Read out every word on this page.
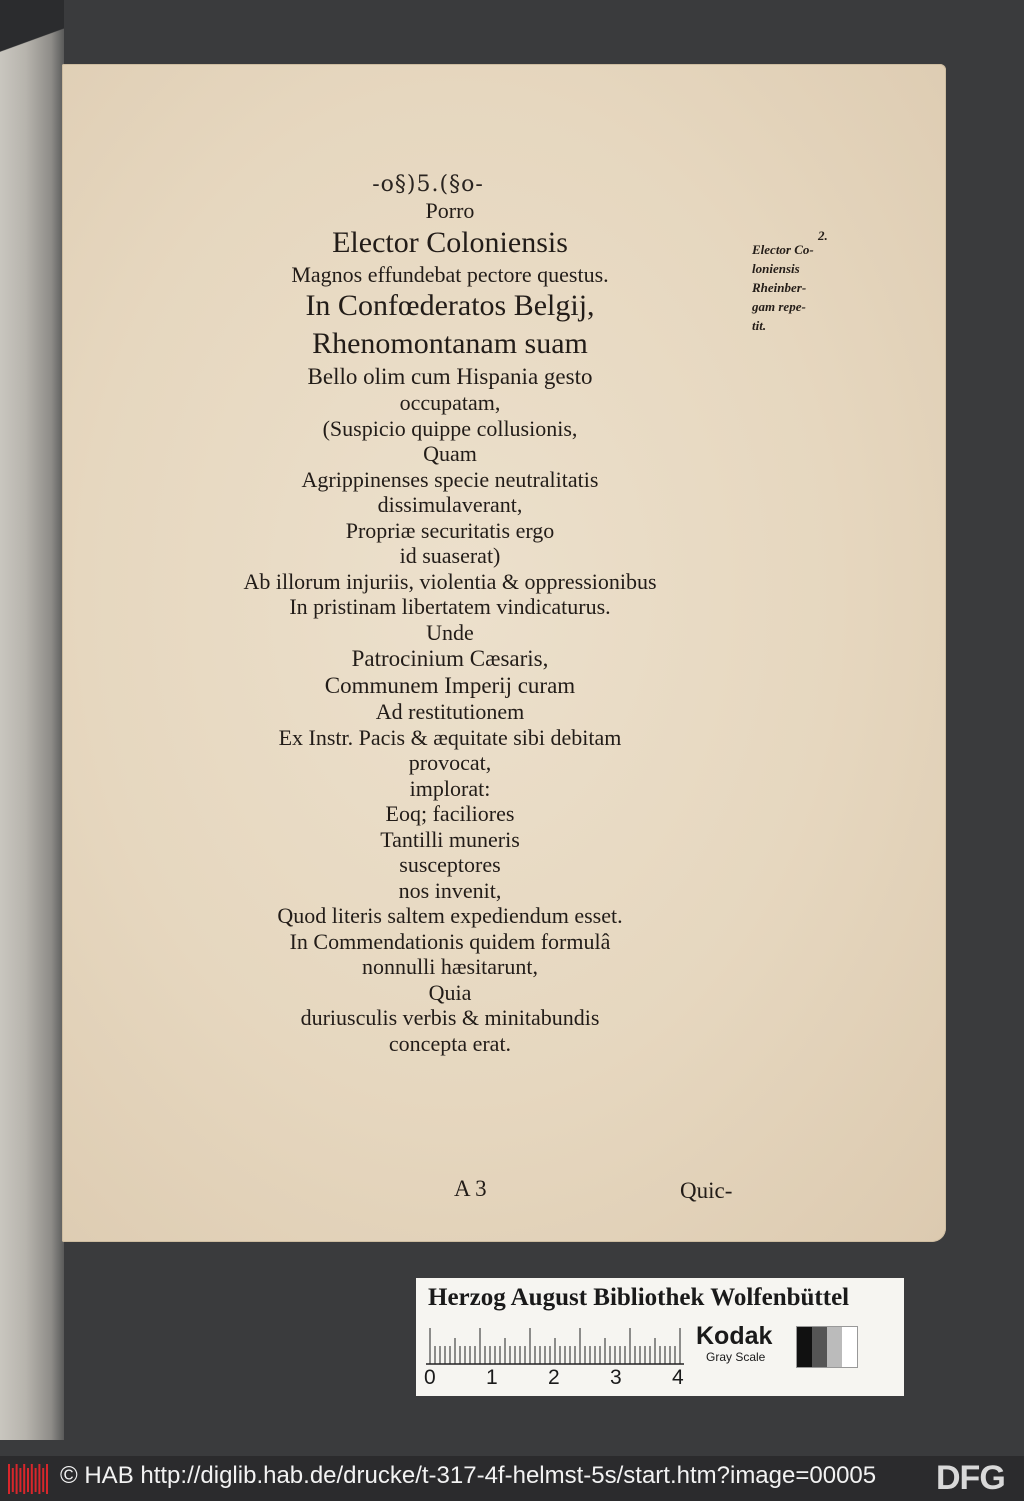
-o§)5.(§o-
Porro
Elector Coloniensis
Magnos effundebat pectore questus.
In Confœderatos Belgij,
Rhenomontanam suam
Bello olim cum Hispania gesto
occupatam,
(Suspicio quippe collusionis,
Quam
Agrippinenses specie neutralitatis
dissimulaverant,
Propriæ securitatis ergo
id suaserat)
Ab illorum injuriis, violentia & oppressionibus
In pristinam libertatem vindicaturus.
Unde
Patrocinium Cæsaris,
Communem Imperij curam
Ad restitutionem
Ex Instr. Pacis & æquitate sibi debitam
provocat,
implorat:
Eoq; faciliores
Tantilli muneris
susceptores
nos invenit,
Quod literis saltem expediendum esset.
In Commendationis quidem formulâ
nonnulli hæsitarunt,
Quia
duriusculis verbis & minitabundis
concepta erat.
2.
Elector Co-
loniensis
Rheinber-
gam repe-
tit.
A 3	Quic-
Herzog August Bibliothek Wolfenbüttel
Kodak
Gray Scale
0 1 2 3 4
© HAB http://diglib.hab.de/drucke/t-317-4f-helmst-5s/start.htm?image=00005 DFG
